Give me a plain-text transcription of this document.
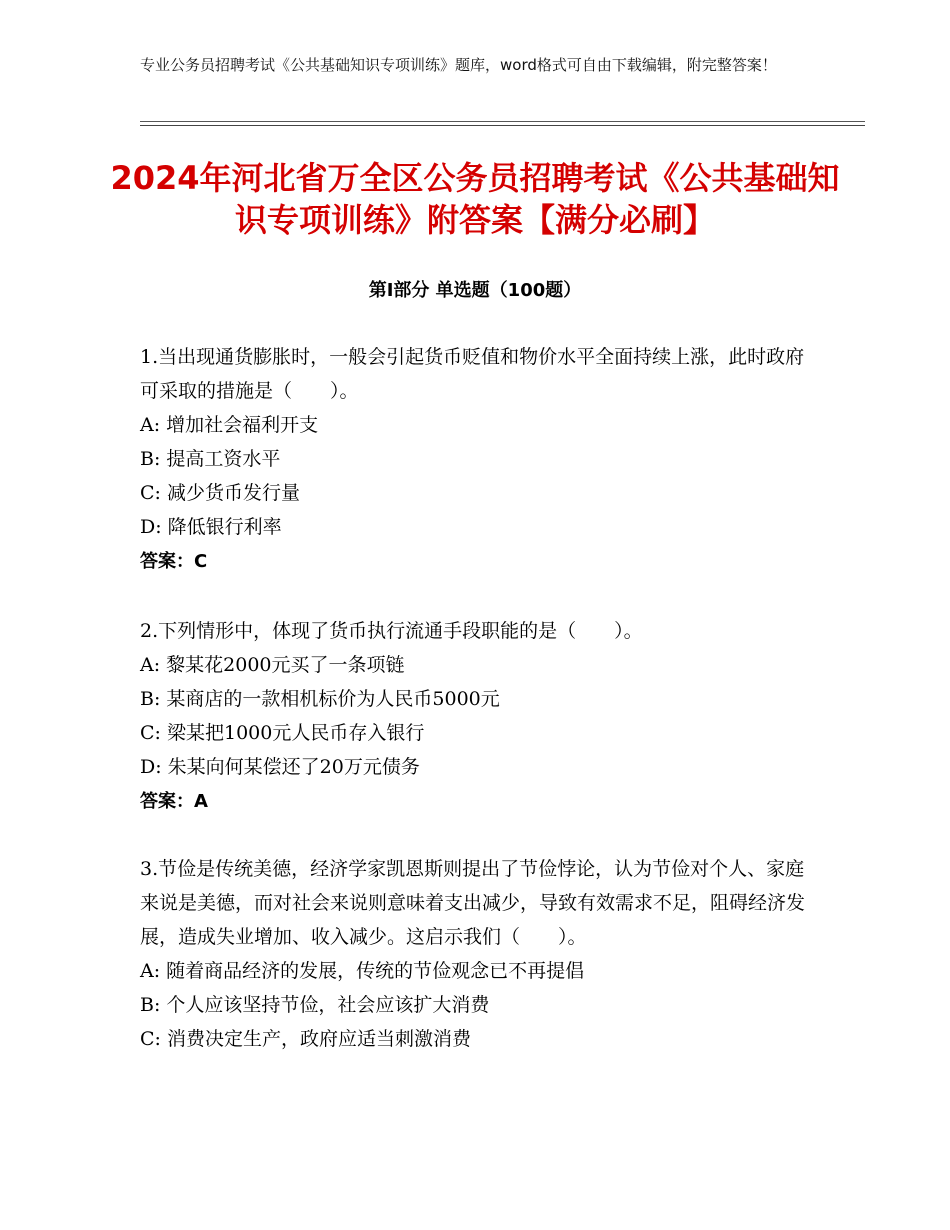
专业公务员招聘考试《公共基础知识专项训练》题库，word格式可自由下载编辑，附完整答案！
2024年河北省万全区公务员招聘考试《公共基础知识专项训练》附答案【满分必刷】
第I部分 单选题（100题）

1.当出现通货膨胀时，一般会引起货币贬值和物价水平全面持续上涨，此时政府可采取的措施是（　　）。

A: 增加社会福利开支

B: 提高工资水平

C: 减少货币发行量

D: 降低银行利率

答案：C

2.下列情形中，体现了货币执行流通手段职能的是（　　）。

A: 黎某花2000元买了一条项链

B: 某商店的一款相机标价为人民币5000元

C: 梁某把1000元人民币存入银行

D: 朱某向何某偿还了20万元债务

答案：A

3.节俭是传统美德，经济学家凯恩斯则提出了节俭悖论，认为节俭对个人、家庭来说是美德，而对社会来说则意味着支出减少，导致有效需求不足，阻碍经济发展，造成失业增加、收入减少。这启示我们（　　）。

A: 随着商品经济的发展，传统的节俭观念已不再提倡

B: 个人应该坚持节俭，社会应该扩大消费

C: 消费决定生产，政府应适当刺激消费
